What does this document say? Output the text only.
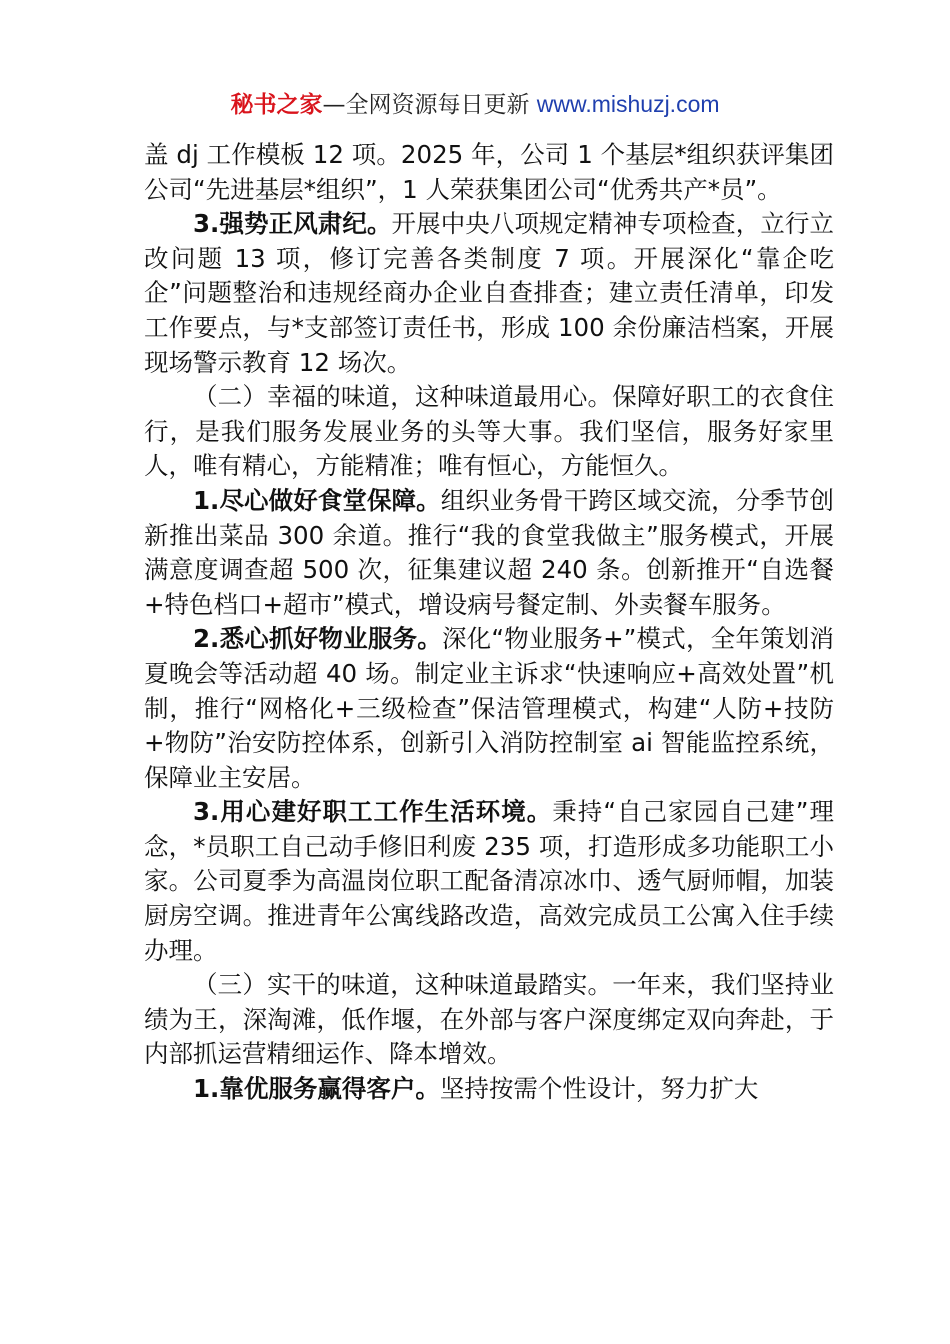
秘书之家—全网资源每日更新 www.mishuzj.com

盖 dj 工作模板 12 项。2025 年，公司 1 个基层*组织获评集团公司“先进基层*组织”，1 人荣获集团公司“优秀共产*员”。

3.强势正风肃纪。开展中央八项规定精神专项检查，立行立改问题 13 项，修订完善各类制度 7 项。开展深化“靠企吃企”问题整治和违规经商办企业自查排查；建立责任清单，印发工作要点，与*支部签订责任书，形成 100 余份廉洁档案，开展现场警示教育 12 场次。

（二）幸福的味道，这种味道最用心。保障好职工的衣食住行，是我们服务发展业务的头等大事。我们坚信，服务好家里人，唯有精心，方能精准；唯有恒心，方能恒久。

1.尽心做好食堂保障。组织业务骨干跨区域交流，分季节创新推出菜品 300 余道。推行“我的食堂我做主”服务模式，开展满意度调查超 500 次，征集建议超 240 条。创新推开“自选餐+特色档口+超市”模式，增设病号餐定制、外卖餐车服务。

2.悉心抓好物业服务。深化“物业服务+”模式，全年策划消夏晚会等活动超 40 场。制定业主诉求“快速响应+高效处置”机制，推行“网格化+三级检查”保洁管理模式，构建“人防+技防+物防”治安防控体系，创新引入消防控制室 ai 智能监控系统，保障业主安居。

3.用心建好职工工作生活环境。秉持“自己家园自己建”理念，*员职工自己动手修旧利废 235 项，打造形成多功能职工小家。公司夏季为高温岗位职工配备清凉冰巾、透气厨师帽，加装厨房空调。推进青年公寓线路改造，高效完成员工公寓入住手续办理。

（三）实干的味道，这种味道最踏实。一年来，我们坚持业绩为王，深淘滩，低作堰，在外部与客户深度绑定双向奔赴，于内部抓运营精细运作、降本增效。

1.靠优服务赢得客户。坚持按需个性设计，努力扩大
